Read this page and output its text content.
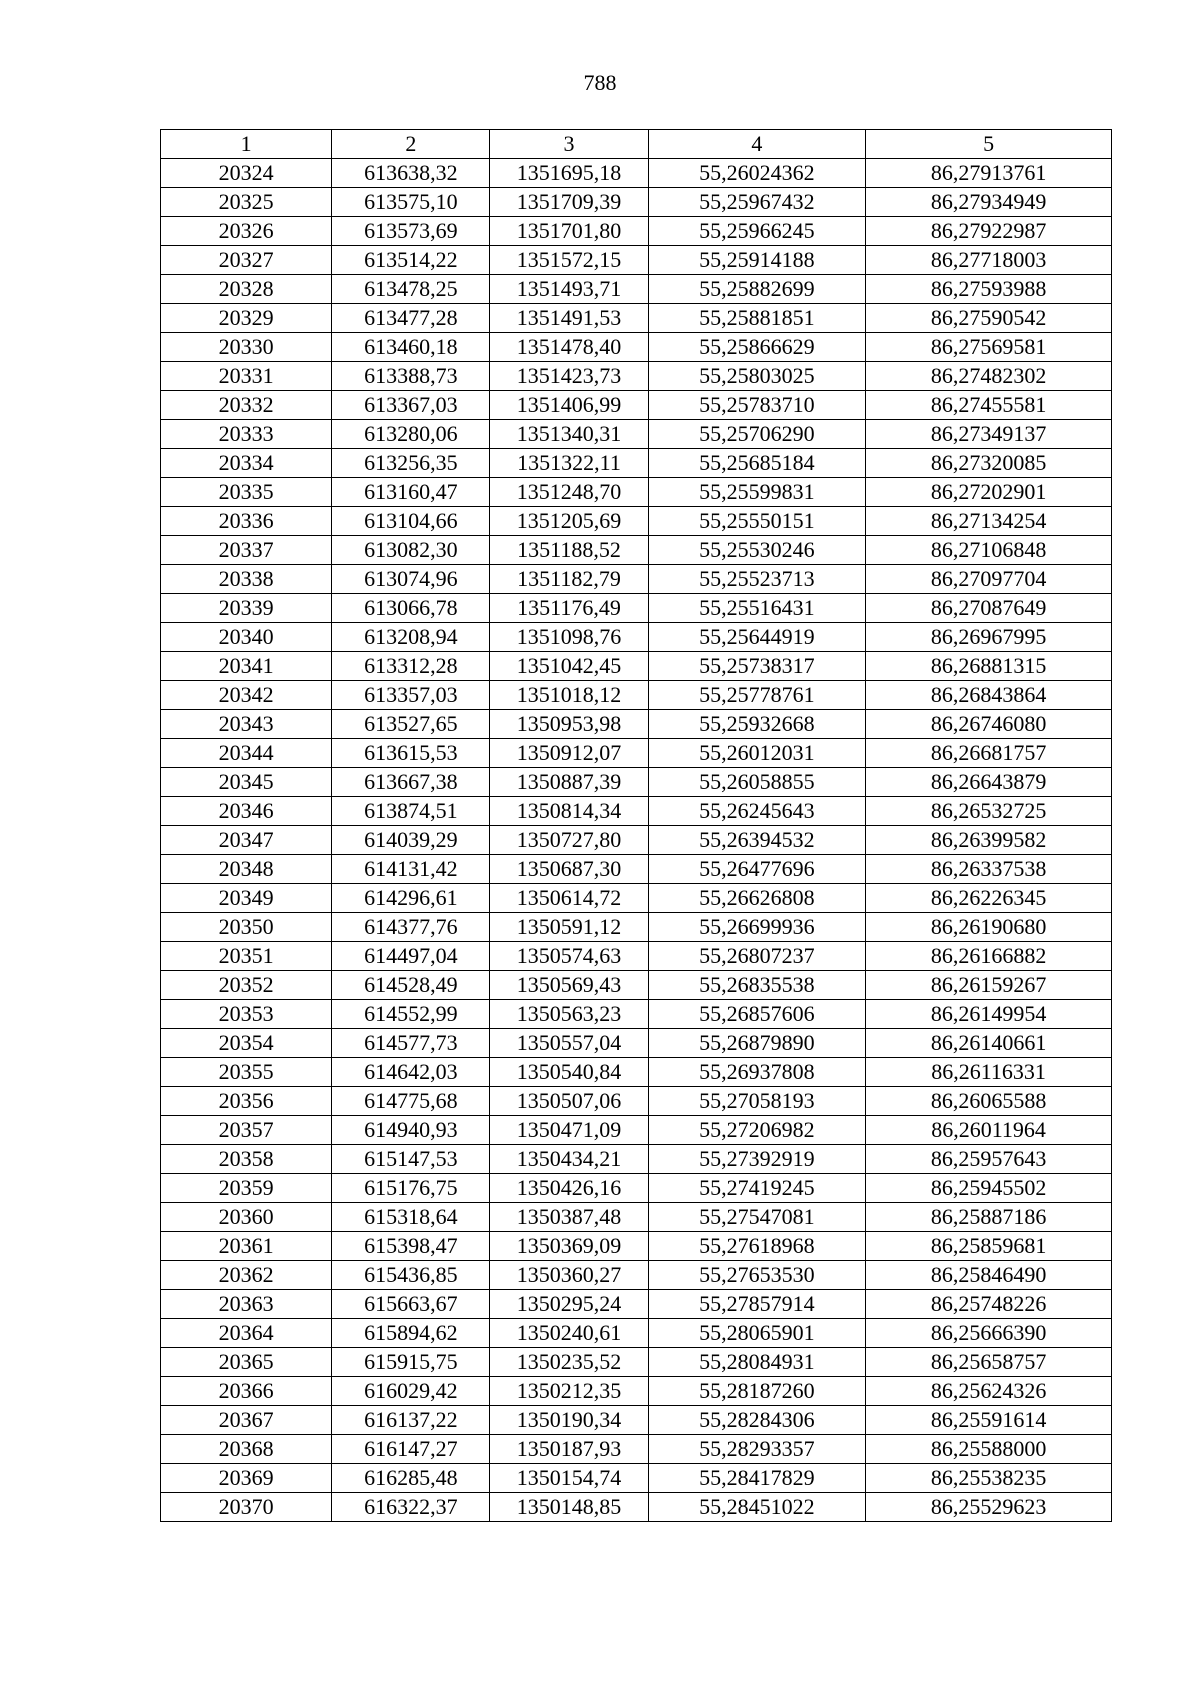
788
1	2	3	4	5
20324	613638,32	1351695,18	55,26024362	86,27913761
20325	613575,10	1351709,39	55,25967432	86,27934949
20326	613573,69	1351701,80	55,25966245	86,27922987
20327	613514,22	1351572,15	55,25914188	86,27718003
20328	613478,25	1351493,71	55,25882699	86,27593988
20329	613477,28	1351491,53	55,25881851	86,27590542
20330	613460,18	1351478,40	55,25866629	86,27569581
20331	613388,73	1351423,73	55,25803025	86,27482302
20332	613367,03	1351406,99	55,25783710	86,27455581
20333	613280,06	1351340,31	55,25706290	86,27349137
20334	613256,35	1351322,11	55,25685184	86,27320085
20335	613160,47	1351248,70	55,25599831	86,27202901
20336	613104,66	1351205,69	55,25550151	86,27134254
20337	613082,30	1351188,52	55,25530246	86,27106848
20338	613074,96	1351182,79	55,25523713	86,27097704
20339	613066,78	1351176,49	55,25516431	86,27087649
20340	613208,94	1351098,76	55,25644919	86,26967995
20341	613312,28	1351042,45	55,25738317	86,26881315
20342	613357,03	1351018,12	55,25778761	86,26843864
20343	613527,65	1350953,98	55,25932668	86,26746080
20344	613615,53	1350912,07	55,26012031	86,26681757
20345	613667,38	1350887,39	55,26058855	86,26643879
20346	613874,51	1350814,34	55,26245643	86,26532725
20347	614039,29	1350727,80	55,26394532	86,26399582
20348	614131,42	1350687,30	55,26477696	86,26337538
20349	614296,61	1350614,72	55,26626808	86,26226345
20350	614377,76	1350591,12	55,26699936	86,26190680
20351	614497,04	1350574,63	55,26807237	86,26166882
20352	614528,49	1350569,43	55,26835538	86,26159267
20353	614552,99	1350563,23	55,26857606	86,26149954
20354	614577,73	1350557,04	55,26879890	86,26140661
20355	614642,03	1350540,84	55,26937808	86,26116331
20356	614775,68	1350507,06	55,27058193	86,26065588
20357	614940,93	1350471,09	55,27206982	86,26011964
20358	615147,53	1350434,21	55,27392919	86,25957643
20359	615176,75	1350426,16	55,27419245	86,25945502
20360	615318,64	1350387,48	55,27547081	86,25887186
20361	615398,47	1350369,09	55,27618968	86,25859681
20362	615436,85	1350360,27	55,27653530	86,25846490
20363	615663,67	1350295,24	55,27857914	86,25748226
20364	615894,62	1350240,61	55,28065901	86,25666390
20365	615915,75	1350235,52	55,28084931	86,25658757
20366	616029,42	1350212,35	55,28187260	86,25624326
20367	616137,22	1350190,34	55,28284306	86,25591614
20368	616147,27	1350187,93	55,28293357	86,25588000
20369	616285,48	1350154,74	55,28417829	86,25538235
20370	616322,37	1350148,85	55,28451022	86,25529623
